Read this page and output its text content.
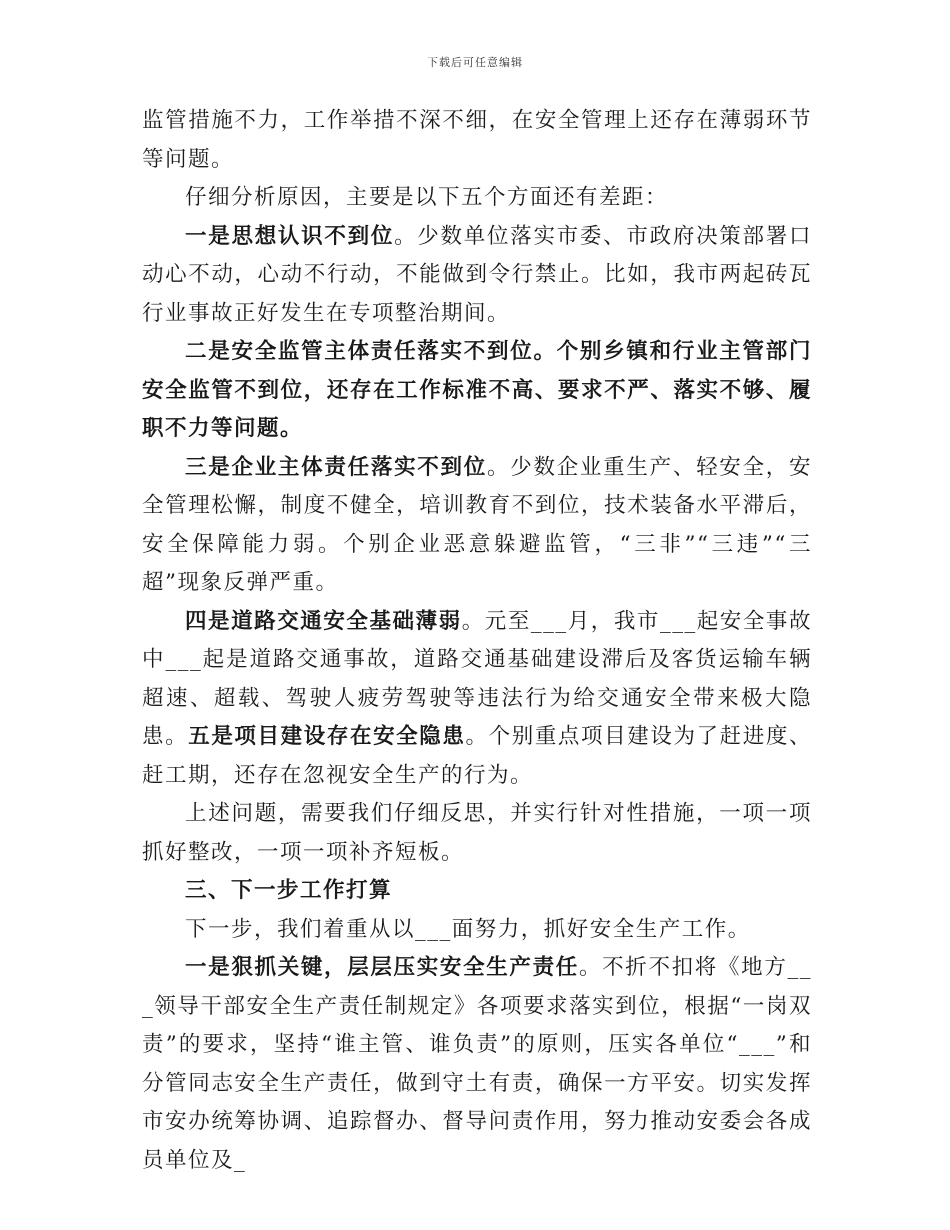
下载后可任意编辑

监管措施不力，工作举措不深不细，在安全管理上还存在薄弱环节等问题。

仔细分析原因，主要是以下五个方面还有差距：

一是思想认识不到位。少数单位落实市委、市政府决策部署口动心不动，心动不行动，不能做到令行禁止。比如，我市两起砖瓦行业事故正好发生在专项整治期间。

二是安全监管主体责任落实不到位。个别乡镇和行业主管部门安全监管不到位，还存在工作标准不高、要求不严、落实不够、履职不力等问题。

三是企业主体责任落实不到位。少数企业重生产、轻安全，安全管理松懈，制度不健全，培训教育不到位，技术装备水平滞后，安全保障能力弱。个别企业恶意躲避监管，“三非”“三违”“三超”现象反弹严重。

四是道路交通安全基础薄弱。元至___月，我市___起安全事故中___起是道路交通事故，道路交通基础建设滞后及客货运输车辆超速、超载、驾驶人疲劳驾驶等违法行为给交通安全带来极大隐患。五是项目建设存在安全隐患。个别重点项目建设为了赶进度、赶工期，还存在忽视安全生产的行为。

上述问题，需要我们仔细反思，并实行针对性措施，一项一项抓好整改，一项一项补齐短板。

三、下一步工作打算

下一步，我们着重从以___面努力，抓好安全生产工作。

一是狠抓关键，层层压实安全生产责任。不折不扣将《地方___领导干部安全生产责任制规定》各项要求落实到位，根据“一岗双责”的要求，坚持“谁主管、谁负责”的原则，压实各单位“___”和分管同志安全生产责任，做到守土有责，确保一方平安。切实发挥市安办统筹协调、追踪督办、督导问责作用，努力推动安委会各成员单位及_
